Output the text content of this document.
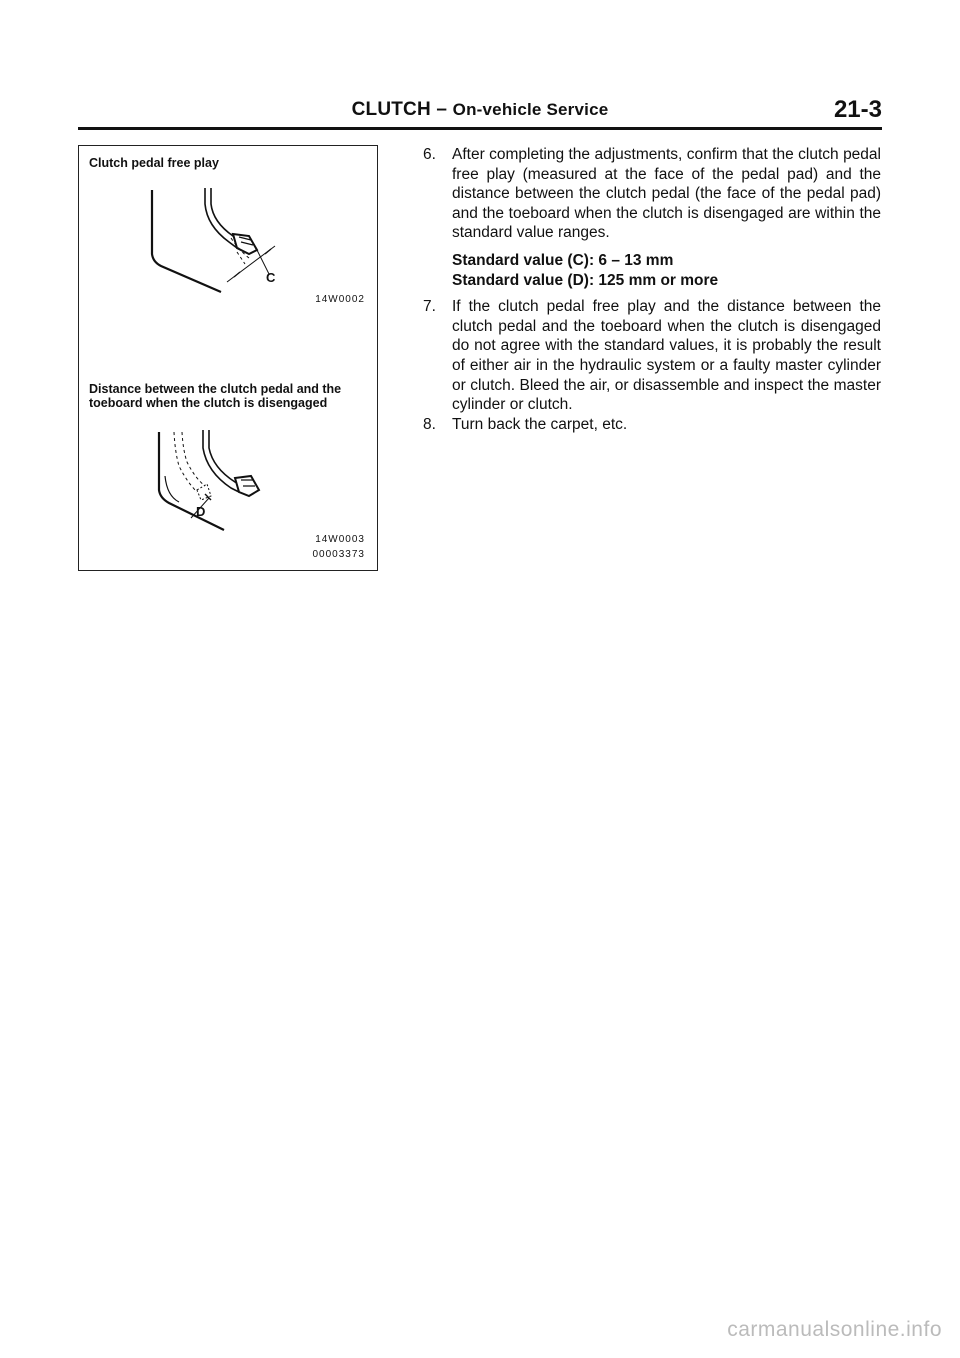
CLUTCH – On-vehicle Service	21-3
Clutch pedal free play
C
14W0002
Distance between the clutch pedal and the toeboard when the clutch is disengaged
D
14W0003
00003373
6. After completing the adjustments, confirm that the clutch pedal free play (measured at the face of the pedal pad) and the distance between the clutch pedal (the face of the pedal pad) and the toeboard when the clutch is disengaged are within the standard value ranges.
Standard value (C): 6 – 13 mm
Standard value (D): 125 mm or more
7. If the clutch pedal free play and the distance between the clutch pedal and the toeboard when the clutch is disengaged do not agree with the standard values, it is probably the result of either air in the hydraulic system or a faulty master cylinder or clutch. Bleed the air, or disassemble and inspect the master cylinder or clutch.
8. Turn back the carpet, etc.
carmanualsonline.info
